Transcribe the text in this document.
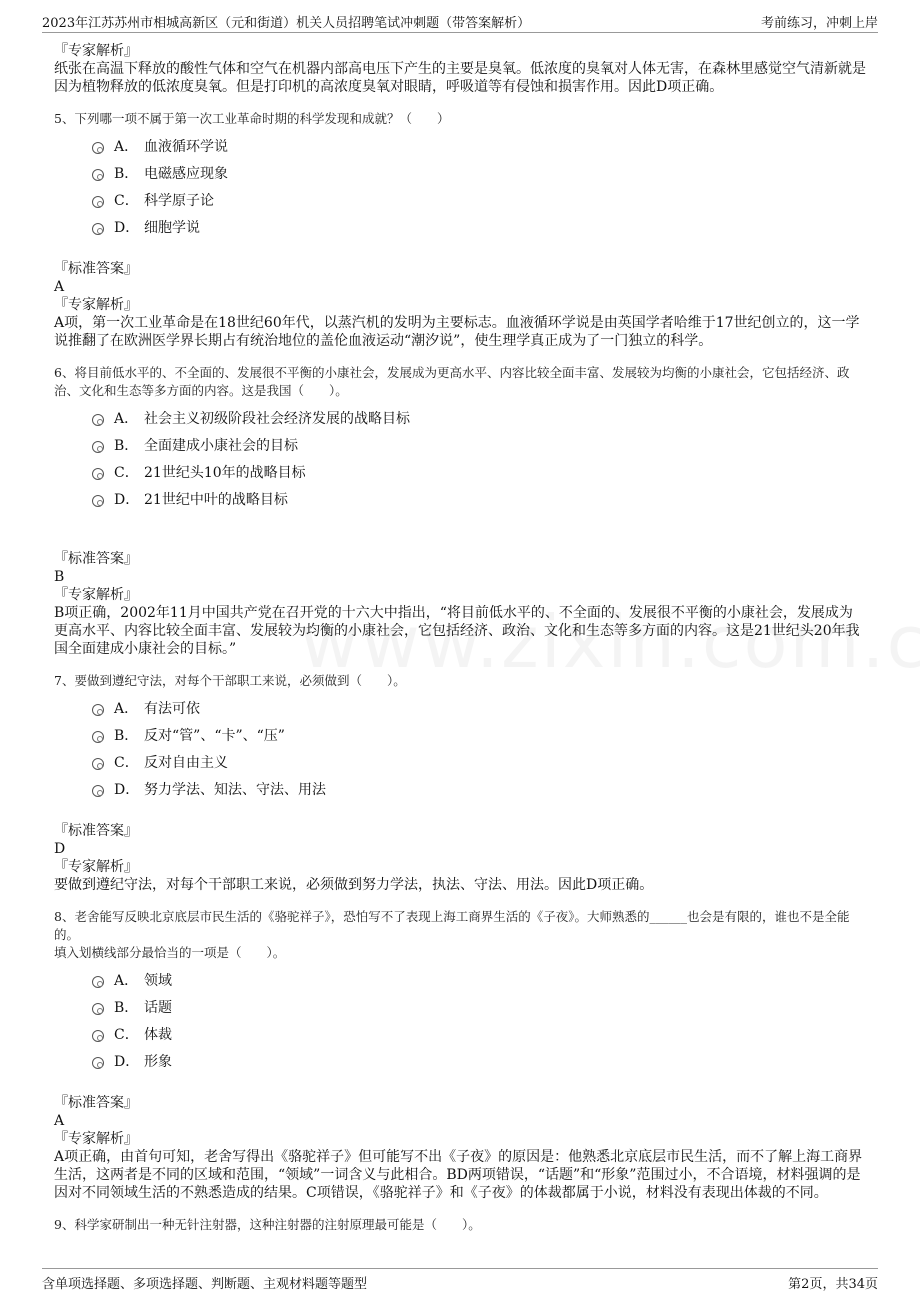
2023年江苏苏州市相城高新区（元和街道）机关人员招聘笔试冲刺题（带答案解析）	考前练习，冲刺上岸
『专家解析』
纸张在高温下释放的酸性气体和空气在机器内部高电压下产生的主要是臭氧。低浓度的臭氧对人体无害，在森林里感觉空气清新就是因为植物释放的低浓度臭氧。但是打印机的高浓度臭氧对眼睛，呼吸道等有侵蚀和损害作用。因此D项正确。
5、下列哪一项不属于第一次工业革命时期的科学发现和成就？（　　）
A． 血液循环学说
B． 电磁感应现象
C． 科学原子论
D． 细胞学说
『标准答案』
A
『专家解析』
A项，第一次工业革命是在18世纪60年代，以蒸汽机的发明为主要标志。血液循环学说是由英国学者哈维于17世纪创立的，这一学说推翻了在欧洲医学界长期占有统治地位的盖伦血液运动“潮汐说”，使生理学真正成为了一门独立的科学。
6、将目前低水平的、不全面的、发展很不平衡的小康社会，发展成为更高水平、内容比较全面丰富、发展较为均衡的小康社会，它包括经济、政治、文化和生态等多方面的内容。这是我国（　　）。
A． 社会主义初级阶段社会经济发展的战略目标
B． 全面建成小康社会的目标
C． 21世纪头10年的战略目标
D． 21世纪中叶的战略目标
『标准答案』
B
『专家解析』
B项正确，2002年11月中国共产党在召开党的十六大中指出，“将目前低水平的、不全面的、发展很不平衡的小康社会，发展成为更高水平、内容比较全面丰富、发展较为均衡的小康社会，它包括经济、政治、文化和生态等多方面的内容。这是21世纪头20年我国全面建成小康社会的目标。”
7、要做到遵纪守法，对每个干部职工来说，必须做到（　　）。
A． 有法可依
B． 反对“管”、“卡”、“压”
C． 反对自由主义
D． 努力学法、知法、守法、用法
『标准答案』
D
『专家解析』
要做到遵纪守法，对每个干部职工来说，必须做到努力学法，执法、守法、用法。因此D项正确。
8、老舍能写反映北京底层市民生活的《骆驼祥子》，恐怕写不了表现上海工商界生活的《子夜》。大师熟悉的______也会是有限的，谁也不是全能的。
填入划横线部分最恰当的一项是（　　）。
A． 领域
B． 话题
C． 体裁
D． 形象
『标准答案』
A
『专家解析』
A项正确，由首句可知，老舍写得出《骆驼祥子》但可能写不出《子夜》的原因是：他熟悉北京底层市民生活，而不了解上海工商界生活，这两者是不同的区域和范围，“领域”一词含义与此相合。BD两项错误，“话题”和“形象”范围过小，不合语境，材料强调的是因对不同领域生活的不熟悉造成的结果。C项错误，《骆驼祥子》和《子夜》的体裁都属于小说，材料没有表现出体裁的不同。
9、科学家研制出一种无针注射器，这种注射器的注射原理最可能是（　　）。
含单项选择题、多项选择题、判断题、主观材料题等题型	第2页，共34页
